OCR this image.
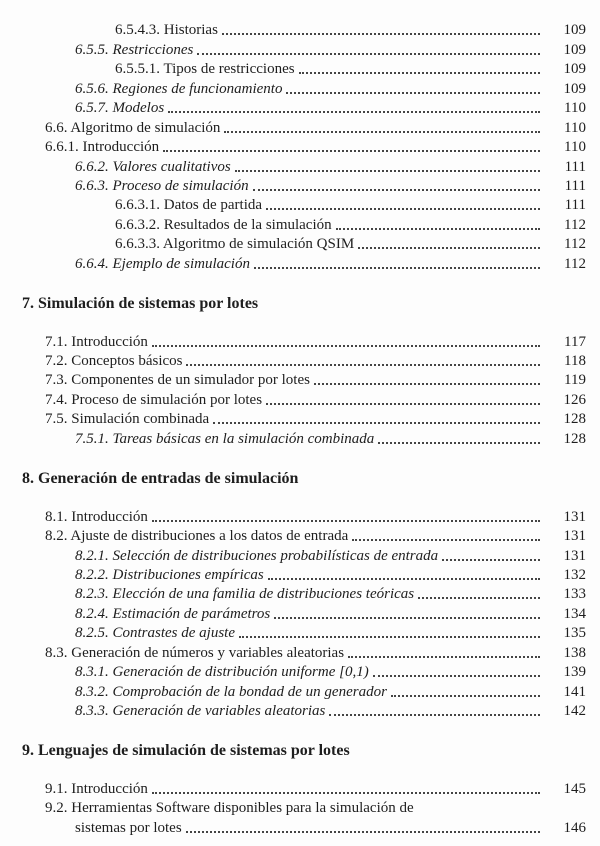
6.5.4.3. Historias	109
6.5.5. Restricciones	109
6.5.5.1. Tipos de restricciones	109
6.5.6. Regiones de funcionamiento	109
6.5.7. Modelos	110
6.6. Algoritmo de simulación	110
6.6.1. Introducción	110
6.6.2. Valores cualitativos	111
6.6.3. Proceso de simulación	111
6.6.3.1. Datos de partida	111
6.6.3.2. Resultados de la simulación	112
6.6.3.3. Algoritmo de simulación QSIM	112
6.6.4. Ejemplo de simulación	112
7. Simulación de sistemas por lotes
7.1. Introducción	117
7.2. Conceptos básicos	118
7.3. Componentes de un simulador por lotes	119
7.4. Proceso de simulación por lotes	126
7.5. Simulación combinada	128
7.5.1. Tareas básicas en la simulación combinada	128
8. Generación de entradas de simulación
8.1. Introducción	131
8.2. Ajuste de distribuciones a los datos de entrada	131
8.2.1. Selección de distribuciones probabilísticas de entrada	131
8.2.2. Distribuciones empíricas	132
8.2.3. Elección de una familia de distribuciones teóricas	133
8.2.4. Estimación de parámetros	134
8.2.5. Contrastes de ajuste	135
8.3. Generación de números y variables aleatorias	138
8.3.1. Generación de distribución uniforme [0,1)	139
8.3.2. Comprobación de la bondad de un generador	141
8.3.3. Generación de variables aleatorias	142
9. Lenguajes de simulación de sistemas por lotes
9.1. Introducción	145
9.2. Herramientas Software disponibles para la simulación de
sistemas por lotes	146
